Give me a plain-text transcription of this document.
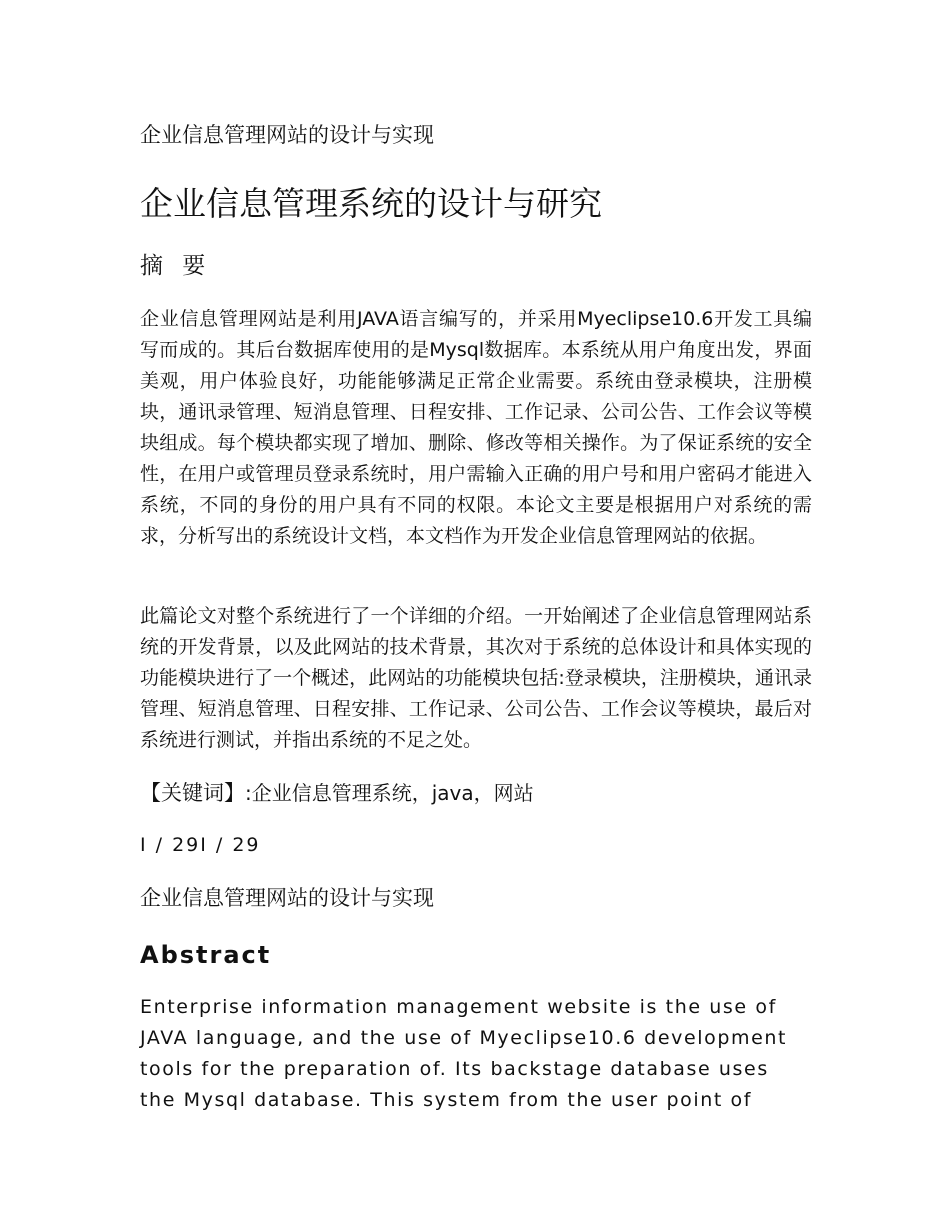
企业信息管理网站的设计与实现
企业信息管理系统的设计与研究
摘 要

企业信息管理网站是利用JAVA语言编写的，并采用Myeclipse10.6开发工具编写而成的。其后台数据库使用的是Mysql数据库。本系统从用户角度出发，界面美观，用户体验良好，功能能够满足正常企业需要。系统由登录模块，注册模块，通讯录管理、短消息管理、日程安排、工作记录、公司公告、工作会议等模块组成。每个模块都实现了增加、删除、修改等相关操作。为了保证系统的安全性，在用户或管理员登录系统时，用户需输入正确的用户号和用户密码才能进入系统，不同的身份的用户具有不同的权限。本论文主要是根据用户对系统的需求，分析写出的系统设计文档，本文档作为开发企业信息管理网站的依据。

此篇论文对整个系统进行了一个详细的介绍。一开始阐述了企业信息管理网站系统的开发背景，以及此网站的技术背景，其次对于系统的总体设计和具体实现的功能模块进行了一个概述，此网站的功能模块包括:登录模块，注册模块，通讯录管理、短消息管理、日程安排、工作记录、公司公告、工作会议等模块，最后对系统进行测试，并指出系统的不足之处。

【关键词】:企业信息管理系统，java，网站
I / 29I / 29
企业信息管理网站的设计与实现
Abstract

Enterprise information management website is the use of
JAVA language, and the use of Myeclipse10.6 development
tools for the preparation of. Its backstage database uses
the Mysql database. This system from the user point of
